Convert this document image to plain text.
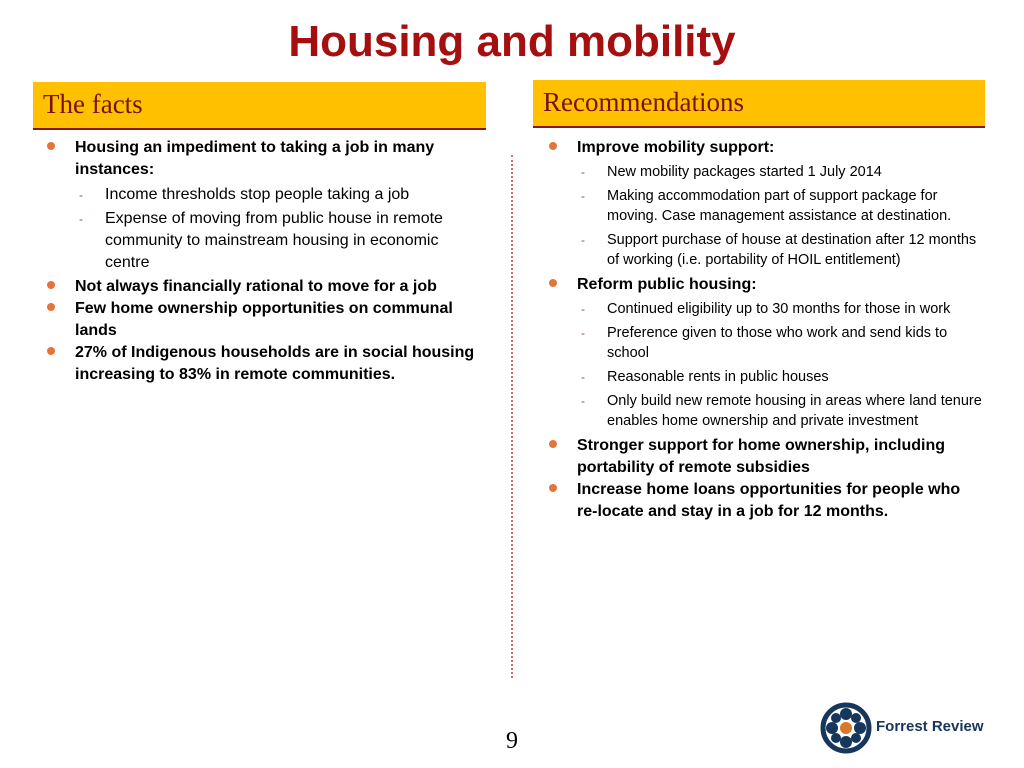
Housing and mobility
The facts	Recommendations
Housing an impediment to taking a job in many instances:
- Income thresholds stop people taking a job
- Expense of moving from public house in remote community to mainstream housing in economic centre
Not always financially rational to move for a job
Few home ownership opportunities on communal lands
27% of Indigenous households are in social housing increasing to 83% in remote communities.
Improve mobility support:
- New mobility packages started 1 July 2014
- Making accommodation part of support package for moving. Case management assistance at destination.
- Support purchase of house at destination after 12 months of working (i.e. portability of HOIL entitlement)
Reform public housing:
- Continued eligibility up to 30 months for those in work
- Preference given to those who work and send kids to school
- Reasonable rents in public houses
- Only build new remote housing in areas where land tenure enables home ownership and private investment
Stronger support for home ownership, including portability of remote subsidies
Increase home loans opportunities for people who re-locate and stay in a job for 12 months.
9
Forrest Review
